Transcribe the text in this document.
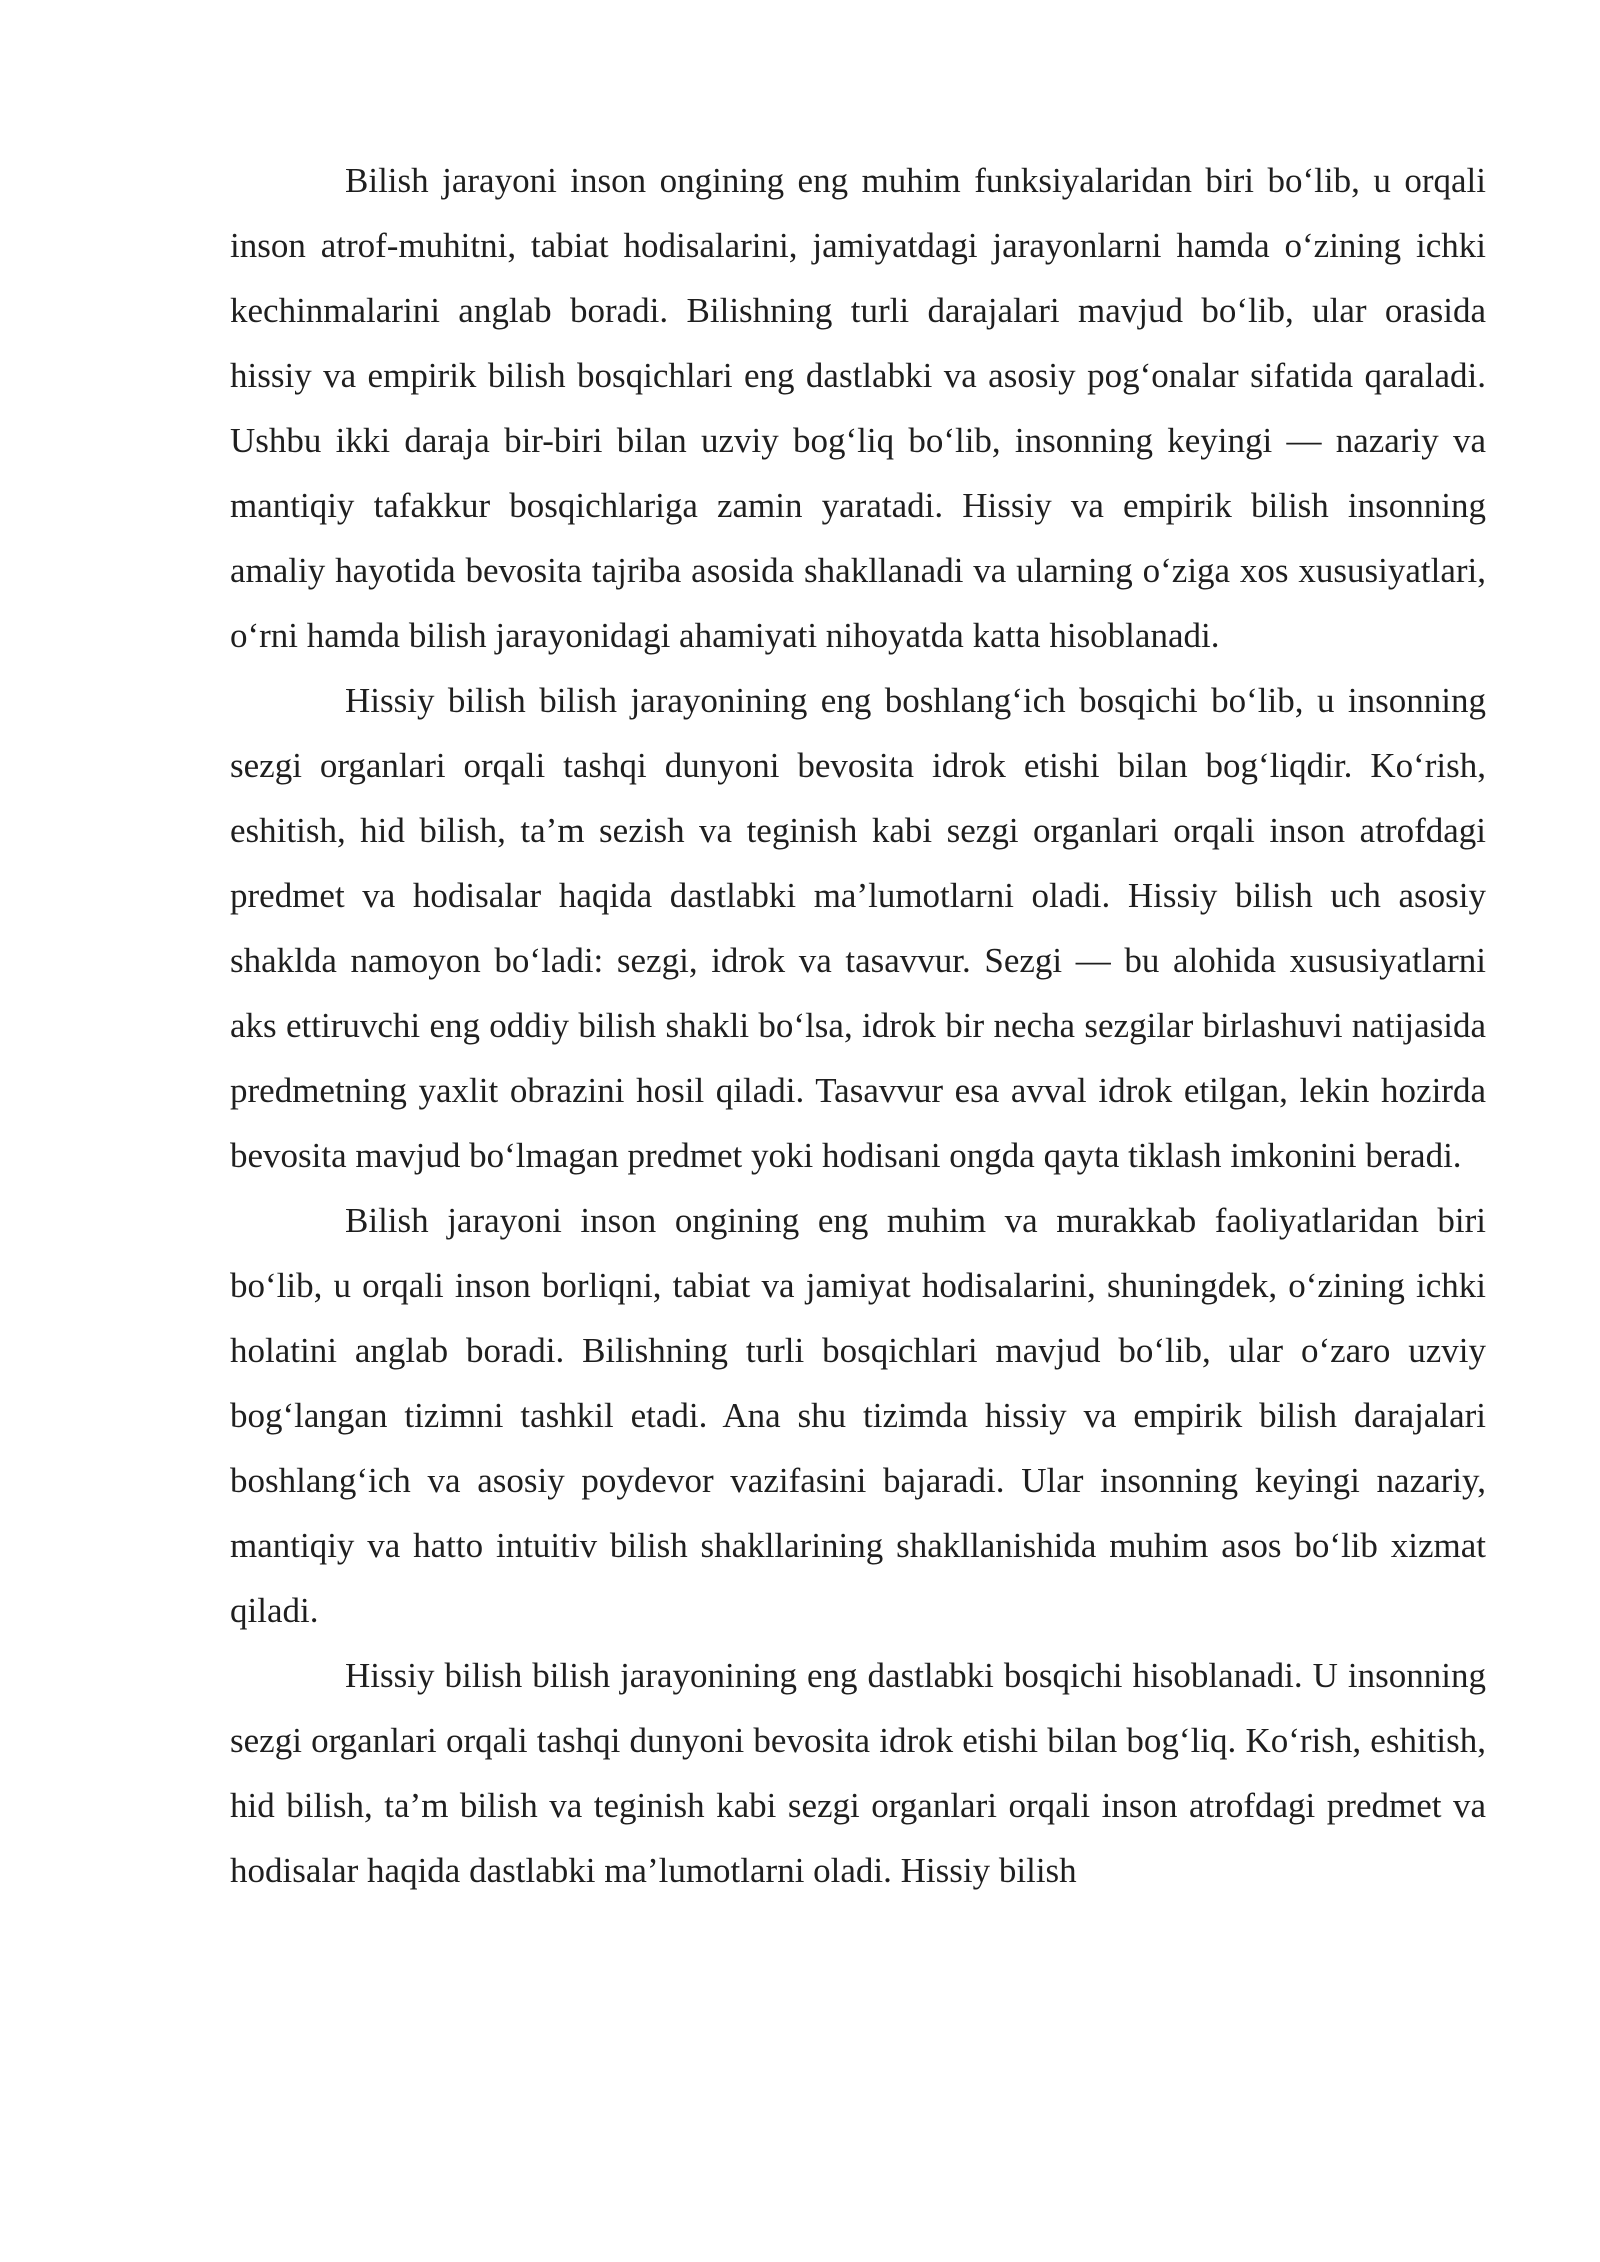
Bilish jarayoni inson ongining eng muhim funksiyalaridan biri bo‘lib, u orqali inson atrof-muhitni, tabiat hodisalarini, jamiyatdagi jarayonlarni hamda o‘zining ichki kechinmalarini anglab boradi. Bilishning turli darajalari mavjud bo‘lib, ular orasida hissiy va empirik bilish bosqichlari eng dastlabki va asosiy pog‘onalar sifatida qaraladi. Ushbu ikki daraja bir-biri bilan uzviy bog‘liq bo‘lib, insonning keyingi — nazariy va mantiqiy tafakkur bosqichlariga zamin yaratadi. Hissiy va empirik bilish insonning amaliy hayotida bevosita tajriba asosida shakllanadi va ularning o‘ziga xos xususiyatlari, o‘rni hamda bilish jarayonidagi ahamiyati nihoyatda katta hisoblanadi.

Hissiy bilish bilish jarayonining eng boshlang‘ich bosqichi bo‘lib, u insonning sezgi organlari orqali tashqi dunyoni bevosita idrok etishi bilan bog‘liqdir. Ko‘rish, eshitish, hid bilish, ta’m sezish va teginish kabi sezgi organlari orqali inson atrofdagi predmet va hodisalar haqida dastlabki ma’lumotlarni oladi. Hissiy bilish uch asosiy shaklda namoyon bo‘ladi: sezgi, idrok va tasavvur. Sezgi — bu alohida xususiyatlarni aks ettiruvchi eng oddiy bilish shakli bo‘lsa, idrok bir necha sezgilar birlashuvi natijasida predmetning yaxlit obrazini hosil qiladi. Tasavvur esa avval idrok etilgan, lekin hozirda bevosita mavjud bo‘lmagan predmet yoki hodisani ongda qayta tiklash imkonini beradi.

Bilish jarayoni inson ongining eng muhim va murakkab faoliyatlaridan biri bo‘lib, u orqali inson borliqni, tabiat va jamiyat hodisalarini, shuningdek, o‘zining ichki holatini anglab boradi. Bilishning turli bosqichlari mavjud bo‘lib, ular o‘zaro uzviy bog‘langan tizimni tashkil etadi. Ana shu tizimda hissiy va empirik bilish darajalari boshlang‘ich va asosiy poydevor vazifasini bajaradi. Ular insonning keyingi nazariy, mantiqiy va hatto intuitiv bilish shakllarining shakllanishida muhim asos bo‘lib xizmat qiladi.

Hissiy bilish bilish jarayonining eng dastlabki bosqichi hisoblanadi. U insonning sezgi organlari orqali tashqi dunyoni bevosita idrok etishi bilan bog‘liq. Ko‘rish, eshitish, hid bilish, ta’m bilish va teginish kabi sezgi organlari orqali inson atrofdagi predmet va hodisalar haqida dastlabki ma’lumotlarni oladi. Hissiy bilish
